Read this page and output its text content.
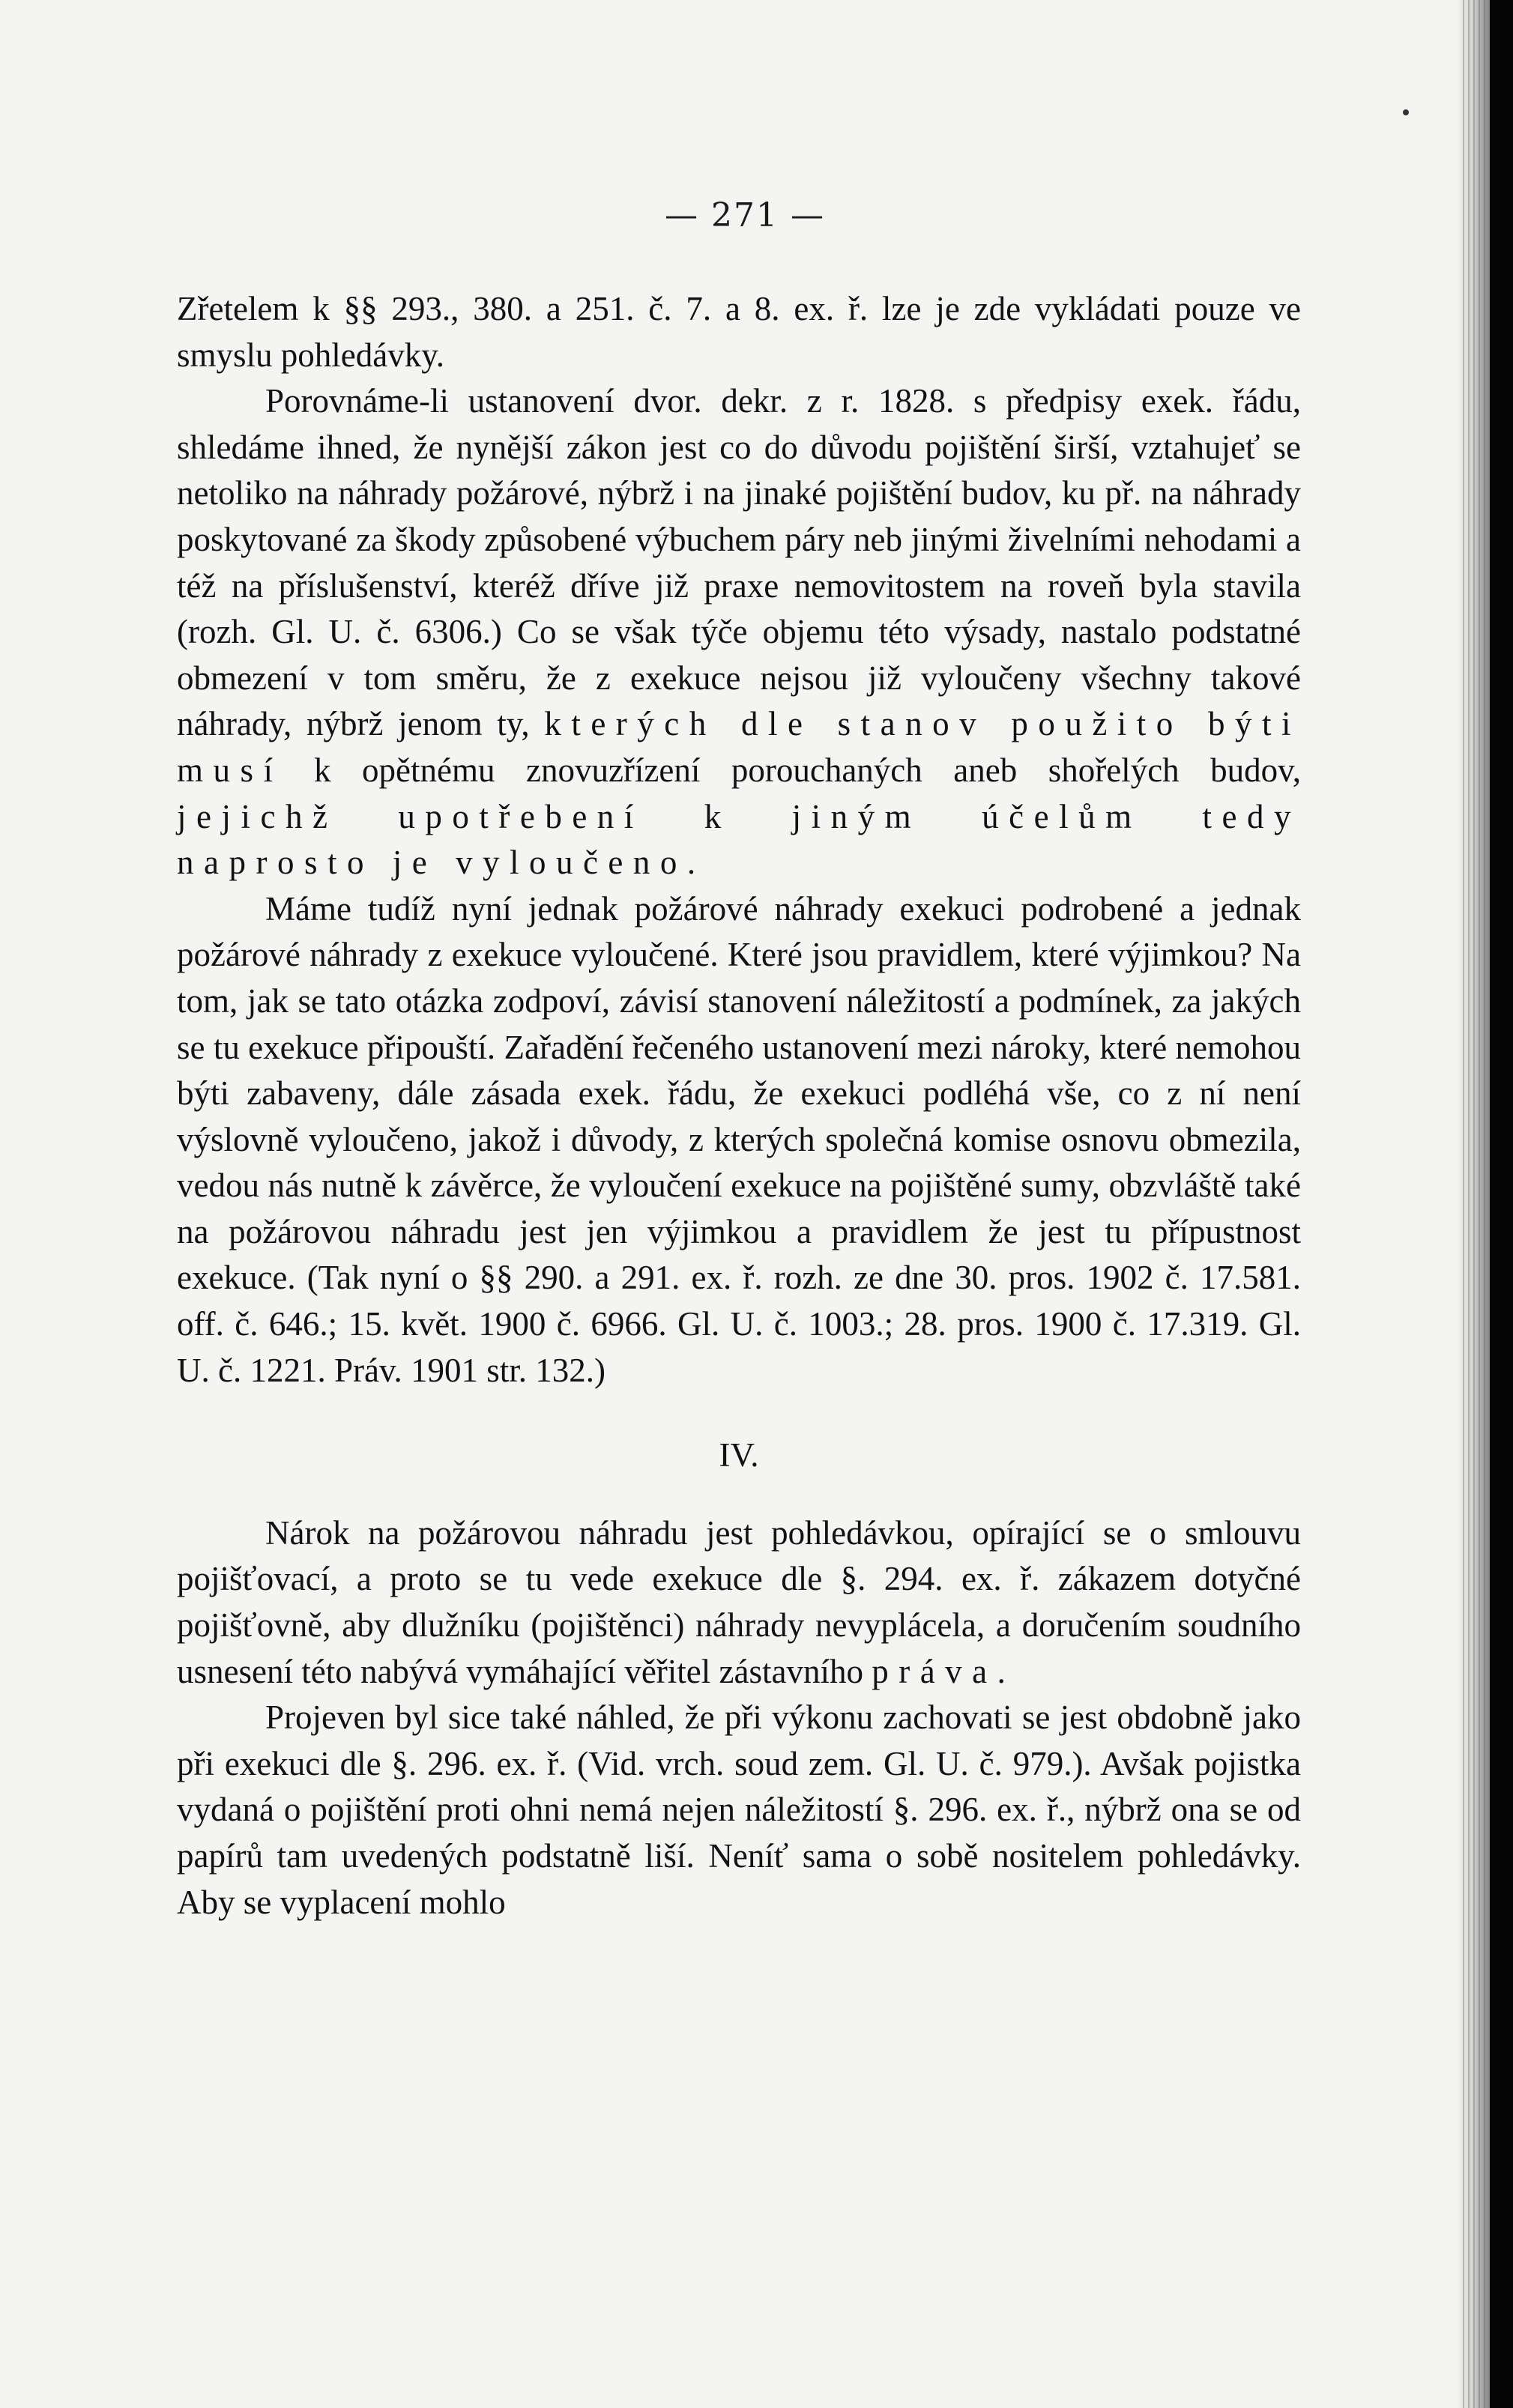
— 271 —

Zřetelem k §§ 293., 380. a 251. č. 7. a 8. ex. ř. lze je zde vykládati pouze ve smyslu pohledávky.

Porovnáme-li ustanovení dvor. dekr. z r. 1828. s předpisy exek. řádu, shledáme ihned, že nynější zákon jest co do důvodu pojištění širší, vztahujeť se netoliko na náhrady požárové, nýbrž i na jinaké pojištění budov, ku př. na náhrady poskytované za škody způsobené výbuchem páry neb jinými živelními nehodami a též na příslušenství, kteréž dříve již praxe nemovitostem na roveň byla stavila (rozh. Gl. U. č. 6306.) Co se však týče objemu této výsady, nastalo podstatné obmezení v tom směru, že z exekuce nejsou již vyloučeny všechny takové náhrady, nýbrž jenom ty, kterých dle stanov použito býti musí k opětnému znovuzřízení porouchaných aneb shořelých budov, jejichž upotřebení k jiným účelům tedy naprosto je vyloučeno.

Máme tudíž nyní jednak požárové náhrady exekuci podrobené a jednak požárové náhrady z exekuce vyloučené. Které jsou pravidlem, které výjimkou? Na tom, jak se tato otázka zodpoví, závisí stanovení náležitostí a podmínek, za jakých se tu exekuce připouští. Zařadění řečeného ustanovení mezi nároky, které nemohou býti zabaveny, dále zásada exek. řádu, že exekuci podléhá vše, co z ní není výslovně vyloučeno, jakož i důvody, z kterých společná komise osnovu obmezila, vedou nás nutně k závěrce, že vyloučení exekuce na pojištěné sumy, obzvláště také na požárovou náhradu jest jen výjimkou a pravidlem že jest tu přípustnost exekuce. (Tak nyní o §§ 290. a 291. ex. ř. rozh. ze dne 30. pros. 1902 č. 17.581. off. č. 646.; 15. květ. 1900 č. 6966. Gl. U. č. 1003.; 28. pros. 1900 č. 17.319. Gl. U. č. 1221. Práv. 1901 str. 132.)

IV.

Nárok na požárovou náhradu jest pohledávkou, opírající se o smlouvu pojišťovací, a proto se tu vede exekuce dle §. 294. ex. ř. zákazem dotyčné pojišťovně, aby dlužníku (pojištěnci) náhrady nevyplácela, a doručením soudního usnesení této nabývá vymáhající věřitel zástavního práva.

Projeven byl sice také náhled, že při výkonu zachovati se jest obdobně jako při exekuci dle §. 296. ex. ř. (Vid. vrch. soud zem. Gl. U. č. 979.). Avšak pojistka vydaná o pojištění proti ohni nemá nejen náležitostí §. 296. ex. ř., nýbrž ona se od papírů tam uvedených podstatně liší. Neníť sama o sobě nositelem pohledávky. Aby se vyplacení mohlo
